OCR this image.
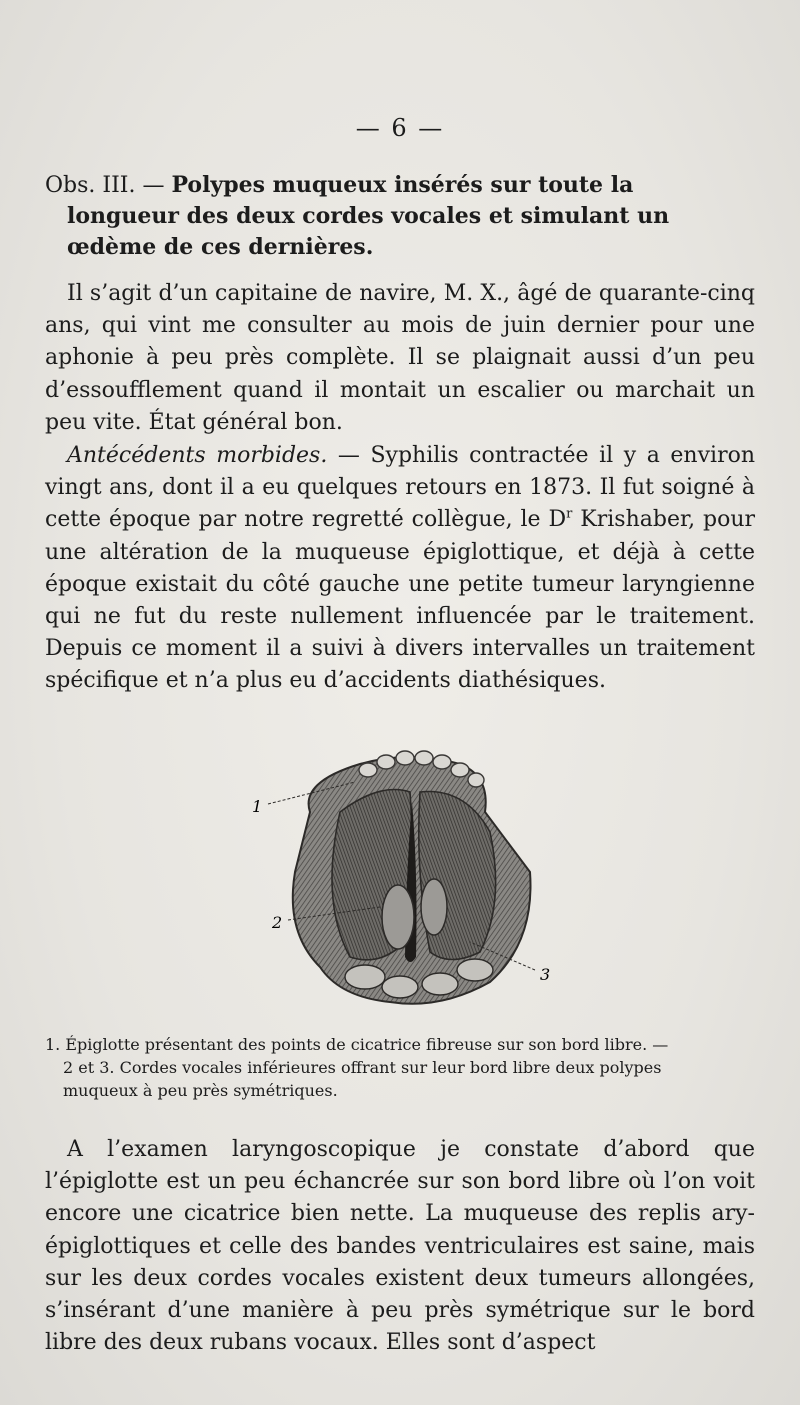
— 6 —
Obs. III. — Polypes muqueux insérés sur toute la
longueur des deux cordes vocales et simulant un
œdème de ces dernières.
Il s’agit d’un capitaine de navire, M. X., âgé de quarante-cinq ans, qui vint me consulter au mois de juin dernier pour une aphonie à peu près complète. Il se plaignait aussi d’un peu d’essoufflement quand il montait un escalier ou marchait un peu vite. État général bon.
Antécédents morbides. — Syphilis contractée il y a environ vingt ans, dont il a eu quelques retours en 1873. Il fut soigné à cette époque par notre regretté collègue, le $D^r$ Krishaber, pour une altération de la muqueuse épiglottique, et déjà à cette époque existait du côté gauche une petite tumeur laryngienne qui ne fut du reste nullement influencée par le traitement. Depuis ce moment il a suivi à divers intervalles un traitement spécifique et n’a plus eu d’accidents diathésiques.
1
2
3
1. Épiglotte présentant des points de cicatrice fibreuse sur son bord libre. —
2 et 3. Cordes vocales inférieures offrant sur leur bord libre deux polypes
muqueux à peu près symétriques.
A l’examen laryngoscopique je constate d’abord que l’épiglotte est un peu échancrée sur son bord libre où l’on voit encore une cicatrice bien nette. La muqueuse des replis ary-épiglottiques et celle des bandes ventriculaires est saine, mais sur les deux cordes vocales existent deux tumeurs allongées, s’insérant d’une manière à peu près symétrique sur le bord libre des deux rubans vocaux. Elles sont d’aspect
